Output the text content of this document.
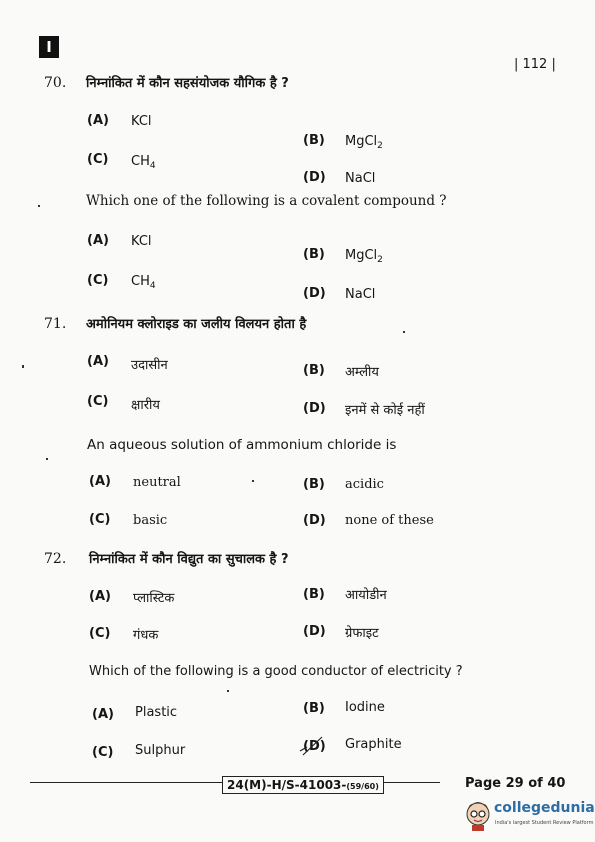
I
| 112 |
70. निम्नांकित में कौन सहसंयोजक यौगिक है ?
(A) KCl
(B) MgCl$_2$
(C) $CH_4$
(D) NaCl
Which one of the following is a covalent compound ?
(A) KCl
(B) MgCl$_2$
(C) $CH_4$	(D) NaCl
71. अमोनियम क्लोराइड का जलीय विलयन होता है
(A) उदासीन	(B) अम्लीय
(C) क्षारीय	(D) इनमें से कोई नहीं
An aqueous solution of ammonium chloride is
(A) neutral	(B) acidic
(C) basic	(D) none of these
72. निम्नांकित में कौन विद्युत का सुचालक है ?
(A) प्लास्टिक	(B) आयोडीन
(C) गंधक	(D) ग्रेफाइट
Which of the following is a good conductor of electricity ?
(A) Plastic	(B) Iodine
(C) Sulphur	(D) Graphite
24(M)-H/S-41003-(59/60)	Page 29 of 40
collegedunia
India's largest Student Review Platform
